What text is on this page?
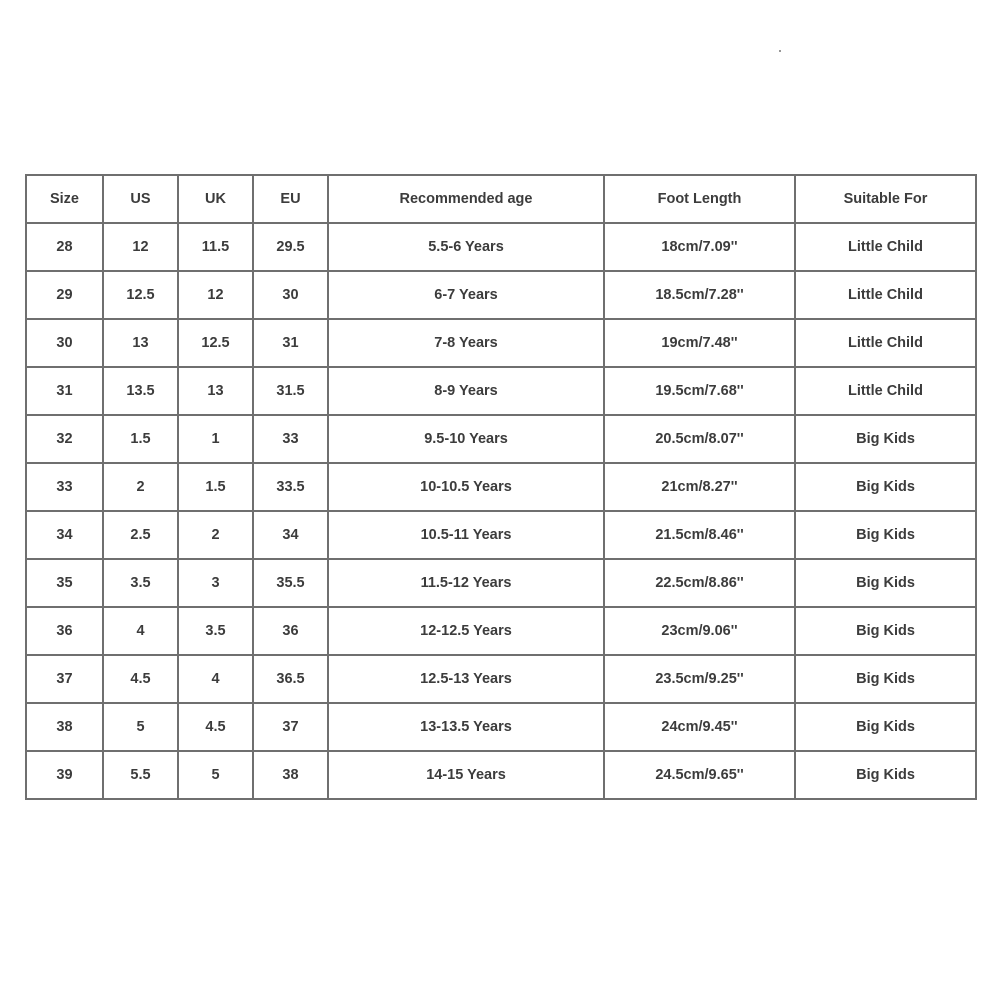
Size	US	UK	EU	Recommended age	Foot Length	Suitable For
28	12	11.5	29.5	5.5-6 Years	18cm/7.09''	Little Child
29	12.5	12	30	6-7 Years	18.5cm/7.28''	Little Child
30	13	12.5	31	7-8 Years	19cm/7.48''	Little Child
31	13.5	13	31.5	8-9 Years	19.5cm/7.68''	Little Child
32	1.5	1	33	9.5-10 Years	20.5cm/8.07''	Big Kids
33	2	1.5	33.5	10-10.5 Years	21cm/8.27''	Big Kids
34	2.5	2	34	10.5-11 Years	21.5cm/8.46''	Big Kids
35	3.5	3	35.5	11.5-12 Years	22.5cm/8.86''	Big Kids
36	4	3.5	36	12-12.5 Years	23cm/9.06''	Big Kids
37	4.5	4	36.5	12.5-13 Years	23.5cm/9.25''	Big Kids
38	5	4.5	37	13-13.5 Years	24cm/9.45''	Big Kids
39	5.5	5	38	14-15 Years	24.5cm/9.65''	Big Kids
